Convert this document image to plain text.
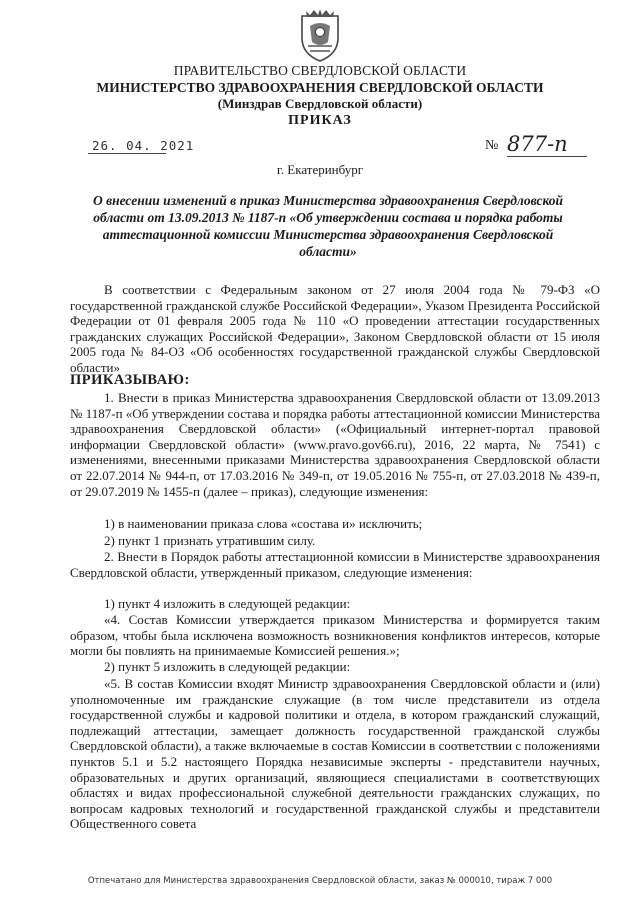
ПРАВИТЕЛЬСТВО СВЕРДЛОВСКОЙ ОБЛАСТИ
МИНИСТЕРСТВО ЗДРАВООХРАНЕНИЯ СВЕРДЛОВСКОЙ ОБЛАСТИ
(Минздрав Свердловской области)
ПРИКАЗ
26. 04. 2021	№ 877-п
г. Екатеринбург
О внесении изменений в приказ Министерства здравоохранения Свердловской области от 13.09.2013 № 1187-п «Об утверждении состава и порядка работы аттестационной комиссии Министерства здравоохранения Свердловской области»
В соответствии с Федеральным законом от 27 июля 2004 года № 79-ФЗ «О государственной гражданской службе Российской Федерации», Указом Президента Российской Федерации от 01 февраля 2005 года № 110 «О проведении аттестации государственных гражданских служащих Российской Федерации», Законом Свердловской области от 15 июля 2005 года № 84-ОЗ «Об особенностях государственной гражданской службы Свердловской области»
ПРИКАЗЫВАЮ:
1. Внести в приказ Министерства здравоохранения Свердловской области от 13.09.2013 № 1187-п «Об утверждении состава и порядка работы аттестационной комиссии Министерства здравоохранения Свердловской области» («Официальный интернет-портал правовой информации Свердловской области» (www.pravo.gov66.ru), 2016, 22 марта, № 7541) с изменениями, внесенными приказами Министерства здравоохранения Свердловской области от 22.07.2014 № 944-п, от 17.03.2016 № 349-п, от 19.05.2016 № 755-п, от 27.03.2018 № 439-п, от 29.07.2019 № 1455-п (далее – приказ), следующие изменения:
1) в наименовании приказа слова «состава и» исключить;
2) пункт 1 признать утратившим силу.
2. Внести в Порядок работы аттестационной комиссии в Министерстве здравоохранения Свердловской области, утвержденный приказом, следующие изменения:
1) пункт 4 изложить в следующей редакции:
«4. Состав Комиссии утверждается приказом Министерства и формируется таким образом, чтобы была исключена возможность возникновения конфликтов интересов, которые могли бы повлиять на принимаемые Комиссией решения.»;
2) пункт 5 изложить в следующей редакции:
«5. В состав Комиссии входят Министр здравоохранения Свердловской области и (или) уполномоченные им гражданские служащие (в том числе представители из отдела государственной службы и кадровой политики и отдела, в котором гражданский служащий, подлежащий аттестации, замещает должность государственной гражданской службы Свердловской области), а также включаемые в состав Комиссии в соответствии с положениями пунктов 5.1 и 5.2 настоящего Порядка независимые эксперты - представители научных, образовательных и других организаций, являющиеся специалистами в соответствующих областях и видах профессиональной служебной деятельности гражданских служащих, по вопросам кадровых технологий и государственной гражданской службы и представители Общественного совета
Отпечатано для Министерства здравоохранения Свердловской области, заказ № 000010, тираж 7 000
